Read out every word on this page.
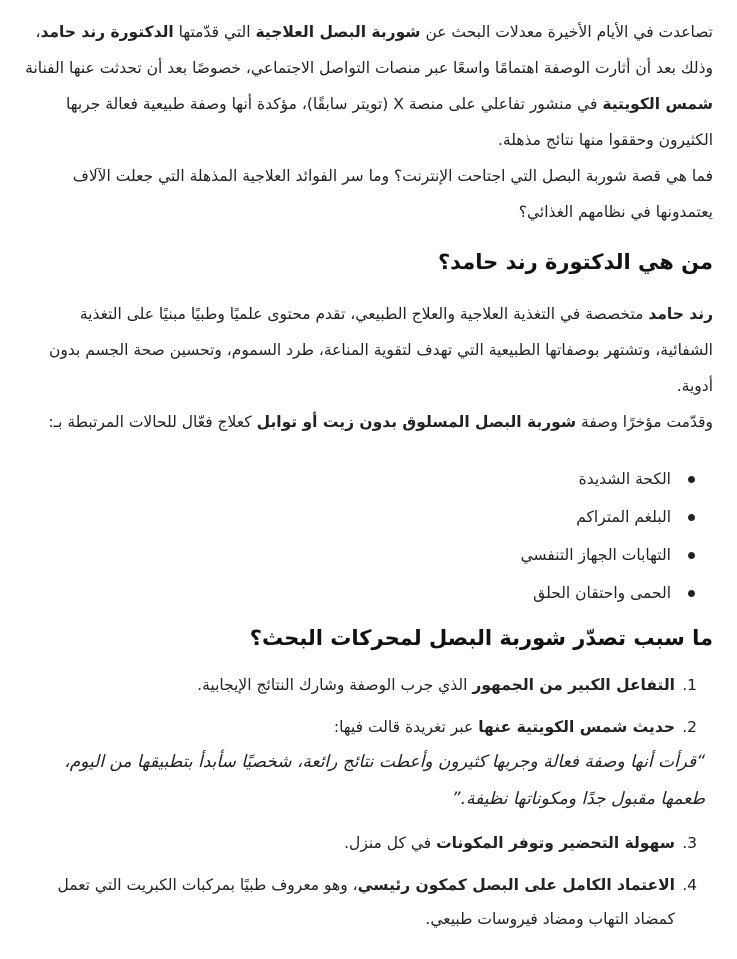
تصاعدت في الأيام الأخيرة معدلات البحث عن شوربة البصل العلاجية التي قدّمتها الدكتورة رند حامد، وذلك بعد أن أثارت الوصفة اهتمامًا واسعًا عبر منصات التواصل الاجتماعي، خصوصًا بعد أن تحدثت عنها الفنانة شمس الكويتية في منشور تفاعلي على منصة X (تويتر سابقًا)، مؤكدة أنها وصفة طبيعية فعالة جربها الكثيرون وحققوا منها نتائج مذهلة.

فما هي قصة شوربة البصل التي اجتاحت الإنترنت؟ وما سر الفوائد العلاجية المذهلة التي جعلت الآلاف يعتمدونها في نظامهم الغذائي؟

من هي الدكتورة رند حامد؟

رند حامد متخصصة في التغذية العلاجية والعلاج الطبيعي، تقدم محتوى علميًا وطبيًا مبنيًا على التغذية الشفائية، وتشتهر بوصفاتها الطبيعية التي تهدف لتقوية المناعة، طرد السموم، وتحسين صحة الجسم بدون أدوية.

وقدّمت مؤخرًا وصفة شوربة البصل المسلوق بدون زيت أو توابل كعلاج فعّال للحالات المرتبطة بـ:

الكحة الشديدة
البلغم المتراكم
التهابات الجهاز التنفسي
الحمى واحتقان الحلق
ما سبب تصدّر شوربة البصل لمحركات البحث؟
1 .
التفاعل الكبير من الجمهور الذي جرب الوصفة وشارك النتائج الإيجابية.
2 .
حديث شمس الكويتية عنها عبر تغريدة قالت فيها:
“قرأت أنها وصفة فعالة وجربها كثيرون وأعطت نتائج رائعة، شخصيًا سأبدأ بتطبيقها من اليوم، طعمها مقبول جدًا ومكوناتها نظيفة.”
3 .
سهولة التحضير وتوفر المكونات في كل منزل.
4 .
الاعتماد الكامل على البصل كمكون رئيسي، وهو معروف طبيًا بمركبات الكبريت التي تعمل كمضاد التهاب ومضاد فيروسات طبيعي.
